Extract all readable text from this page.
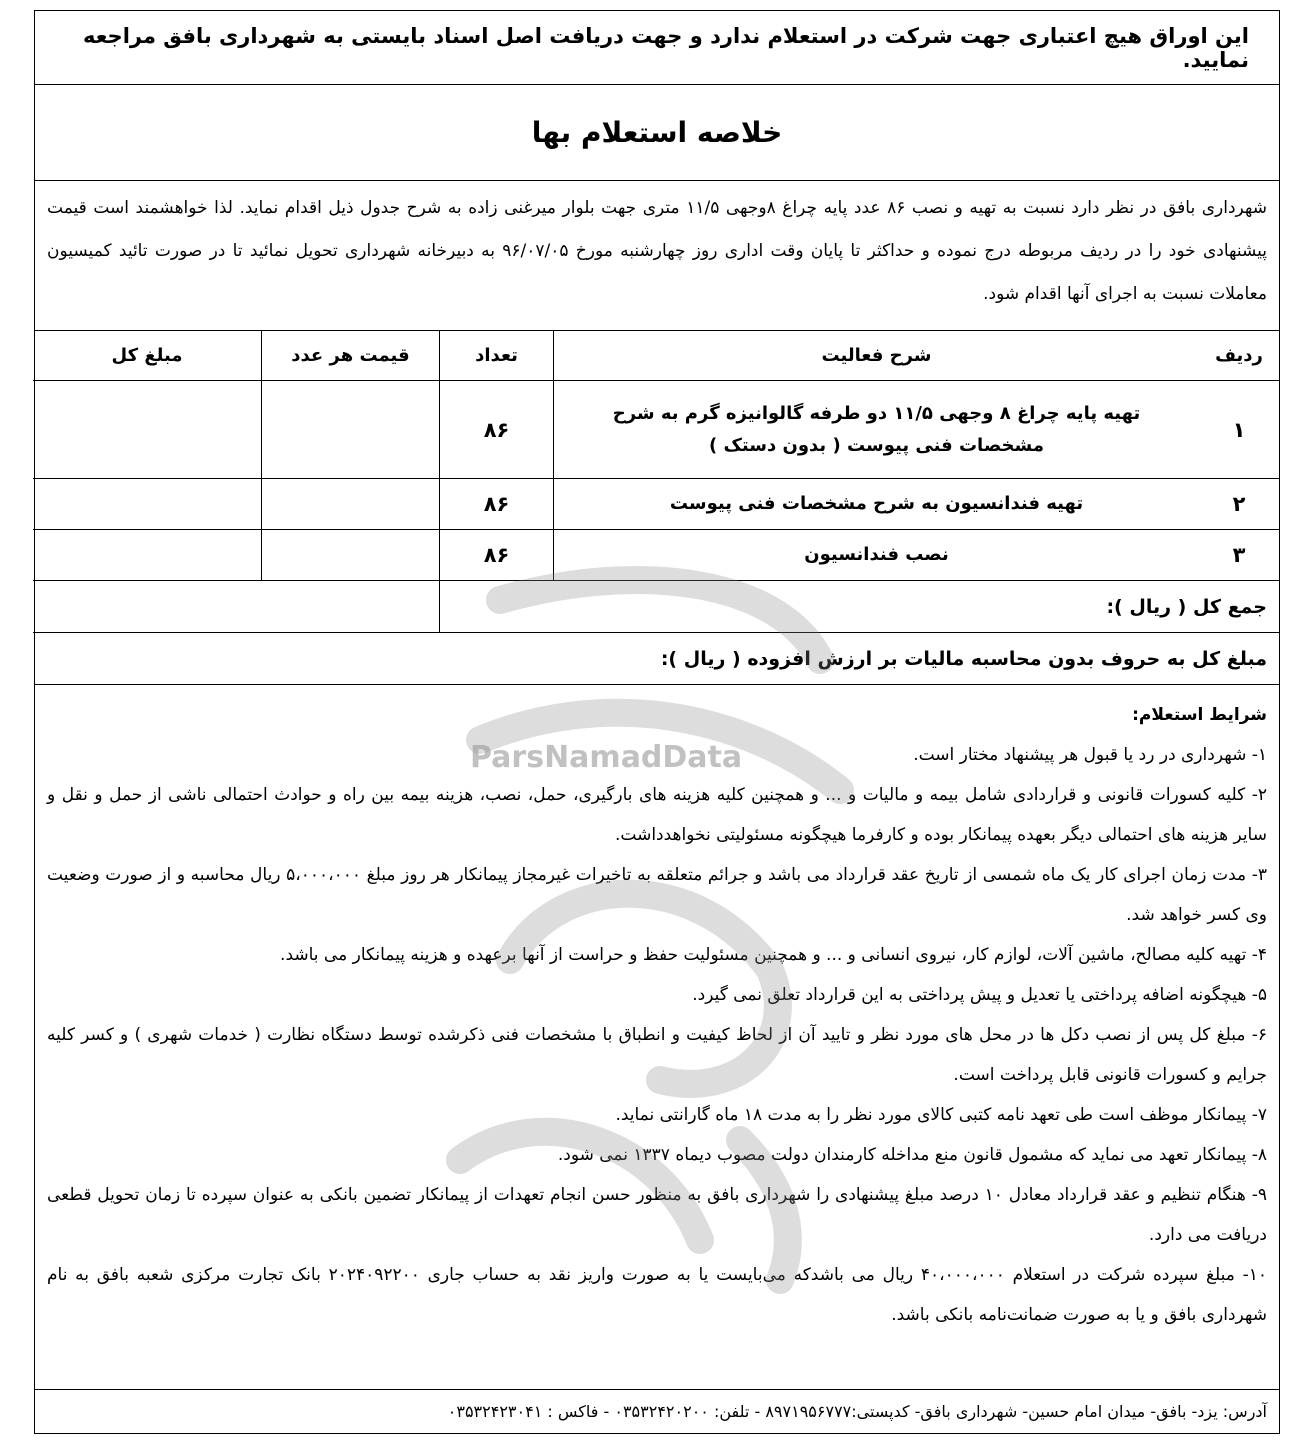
این اوراق هیچ اعتباری جهت شرکت در استعلام ندارد و جهت دریافت اصل اسناد بایستی به شهرداری بافق مراجعه نمایید.
خلاصه استعلام بها
شهرداری بافق در نظر دارد نسبت به تهیه و نصب ۸۶ عدد پایه چراغ ۸وجهی ۱۱/۵ متری جهت بلوار میرغنی زاده به شرح جدول ذیل اقدام نماید. لذا خواهشمند است قیمت پیشنهادی خود را در ردیف مربوطه درج نموده و حداکثر تا پایان وقت اداری روز چهارشنبه مورخ ۹۶/۰۷/۰۵ به دبیرخانه شهرداری تحویل نمائید تا در صورت تائید کمیسیون معاملات نسبت به اجرای آنها اقدام شود.
ردیف
شرح فعالیت
تعداد
قیمت هر عدد
مبلغ کل
۱
تهیه پایه چراغ ۸ وجهی ۱۱/۵ دو طرفه گالوانیزه گرم به شرح مشخصات فنی پیوست ( بدون دستک )
۸۶
۲
تهیه فندانسیون به شرح مشخصات فنی پیوست
۸۶
۳
نصب فندانسیون
۸۶
جمع کل ( ریال ):
مبلغ کل به حروف بدون محاسبه مالیات بر ارزش افزوده ( ریال ):

شرایط استعلام:

۱- شهرداری در رد یا قبول هر پیشنهاد مختار است.

۲- کلیه کسورات قانونی و قراردادی شامل بیمه و مالیات و ... و همچنین کلیه هزینه های بارگیری، حمل، نصب، هزینه بیمه بین راه و حوادث احتمالی ناشی از حمل و نقل و سایر هزینه های احتمالی دیگر بعهده پیمانکار بوده و کارفرما هیچگونه مسئولیتی نخواهدداشت.

۳- مدت زمان اجرای کار یک ماه شمسی از تاریخ عقد قرارداد می باشد و جرائم متعلقه به تاخیرات غیرمجاز پیمانکار هر روز مبلغ ۵،۰۰۰،۰۰۰ ریال محاسبه و از صورت وضعیت وی کسر خواهد شد.

۴- تهیه کلیه مصالح، ماشین آلات، لوازم کار، نیروی انسانی و ... و همچنین مسئولیت حفظ و حراست از آنها برعهده و هزینه پیمانکار می باشد.

۵- هیچگونه اضافه پرداختی یا تعدیل و پیش پرداختی به این قرارداد تعلق نمی گیرد.

۶- مبلغ کل پس از نصب دکل ها در محل های مورد نظر و تایید آن از لحاظ کیفیت و انطباق با مشخصات فنی ذکرشده توسط دستگاه نظارت ( خدمات شهری ) و کسر کلیه جرایم و کسورات قانونی قابل پرداخت است.

۷- پیمانکار موظف است طی تعهد نامه کتبی کالای مورد نظر را به مدت ۱۸ ماه گارانتی نماید.

۸- پیمانکار تعهد می نماید که مشمول قانون منع مداخله کارمندان دولت مصوب دیماه ۱۳۳۷ نمی شود.

۹- هنگام تنظیم و عقد قرارداد معادل ۱۰ درصد مبلغ پیشنهادی را شهرداری بافق به منظور حسن انجام تعهدات از پیمانکار تضمین بانکی به عنوان سپرده تا زمان تحویل قطعی دریافت می دارد.

۱۰- مبلغ سپرده شرکت در استعلام ۴۰،۰۰۰،۰۰۰ ریال می باشدکه می‌بایست یا به صورت واریز نقد به حساب جاری ۲۰۲۴۰۹۲۲۰۰ بانک تجارت مرکزی شعبه بافق به نام شهرداری بافق و یا به صورت ضمانت‌نامه بانکی باشد.

آدرس: یزد- بافق- میدان امام حسین- شهرداری بافق- کدپستی:۸۹۷۱۹۵۶۷۷۷ - تلفن: ۰۳۵۳۲۴۲۰۲۰۰ - فاکس : ۰۳۵۳۲۴۲۳۰۴۱
ParsNamadData
